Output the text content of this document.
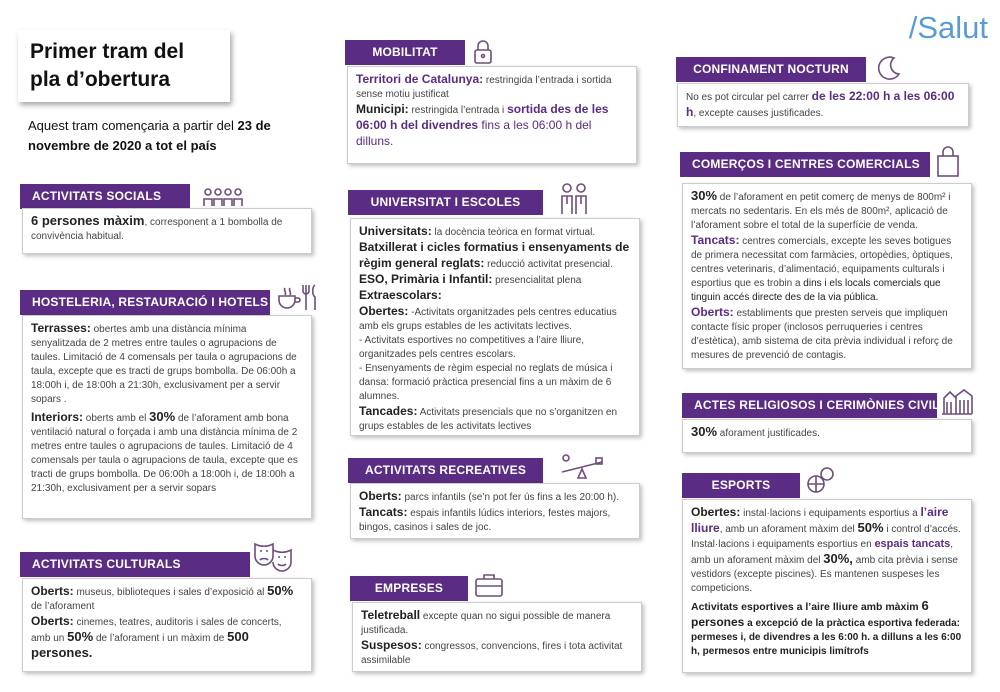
/Salut
Primer tram del
pla d’obertura
Aquest tram començaria a partir del 23 de novembre de 2020 a tot el país
ACTIVITATS SOCIALS

6 persones màxim, corresponent a 1 bombolla de convivència habitual.

HOSTELERIA, RESTAURACIÓ I HOTELS

Terrasses: obertes amb una distància mínima senyalitzada de 2 metres entre taules o agrupacions de taules. Limitació de 4 comensals per taula o agrupacions de taula, excepte que es tracti de grups bombolla. De 06:00h a 18:00h i, de 18:00h a 21:30h, exclusivament per a servir sopars .

Interiors: oberts amb el 30% de l’aforament amb bona ventilació natural o forçada i amb una distància mínima de 2 metres entre taules o agrupacions de taules. Limitació de 4 comensals per taula o agrupacions de taula, excepte que es tracti de grups bombolla. De 06:00h a 18:00h i, de 18:00h a 21:30h, exclusivament per a servir sopars

ACTIVITATS CULTURALS

Oberts: museus, biblioteques i sales d’exposició al 50% de l’aforament

Oberts: cinemes, teatres, auditoris i sales de concerts, amb un 50% de l’aforament i un màxim de 500 persones.

MOBILITAT

Territori de Catalunya: restringida l’entrada i sortida sense motiu justificat

Municipi: restringida l’entrada i sortida des de les 06:00 h del divendres fins a les 06:00 h del dilluns.

UNIVERSITAT I ESCOLES

Universitats: la docència teòrica en format virtual.

Batxillerat i cicles formatius i ensenyaments de règim general reglats: reducció activitat presencial.

ESO, Primària i Infantil: presencialitat plena

Extraescolars:

Obertes: -Activitats organitzades pels centres educatius amb els grups estables de les activitats lectives.

- Activitats esportives no competitives a l’aire lliure, organitzades pels centres escolars.

- Ensenyaments de règim especial no reglats de música i dansa: formació pràctica presencial fins a un màxim de 6 alumnes.

Tancades: Activitats presencials que no s’organitzen en grups estables de les activitats lectives

ACTIVITATS RECREATIVES

Oberts: parcs infantils (se’n pot fer ús fins a les 20:00 h).

Tancats: espais infantils lúdics interiors, festes majors, bingos, casinos i sales de joc.

EMPRESES

Teletreball excepte quan no sigui possible de manera justificada.

Suspesos: congressos, convencions, fires i tota activitat assimilable

CONFINAMENT NOCTURN

No es pot circular pel carrer de les 22:00 h a les 06:00 h, excepte causes justificades.

COMERÇOS I CENTRES COMERCIALS

30% de l’aforament en petit comerç de menys de 800m² i mercats no sedentaris. En els més de 800m², aplicació de l’aforament sobre el total de la superfície de venda.

Tancats: centres comercials, excepte les seves botigues de primera necessitat com farmàcies, ortopèdies, òptiques, centres veterinaris, d’alimentació, equipaments culturals i esportius que es trobin a dins i els locals comercials que tinguin accés directe des de la via pública.

Oberts: establiments que presten serveis que impliquen contacte físic proper (inclosos perruqueries i centres d’estètica), amb sistema de cita prèvia individual i reforç de mesures de prevenció de contagis.

ACTES RELIGIOSOS I CERIMÒNIES CIVILS

30% aforament justificades.

ESPORTS

Obertes: instal·lacions i equipaments esportius a l’aire lliure, amb un aforament màxim del 50% i control d’accés. Instal·lacions i equipaments esportius en espais tancats, amb un aforament màxim del 30%, amb cita prèvia i sense vestidors (excepte piscines). Es mantenen suspeses les competicions.

Activitats esportives a l’aire lliure amb màxim 6 persones a excepció de la pràctica esportiva federada: permeses i, de divendres a les 6:00 h. a dilluns a les 6:00 h, permesos entre municipis limítrofs
